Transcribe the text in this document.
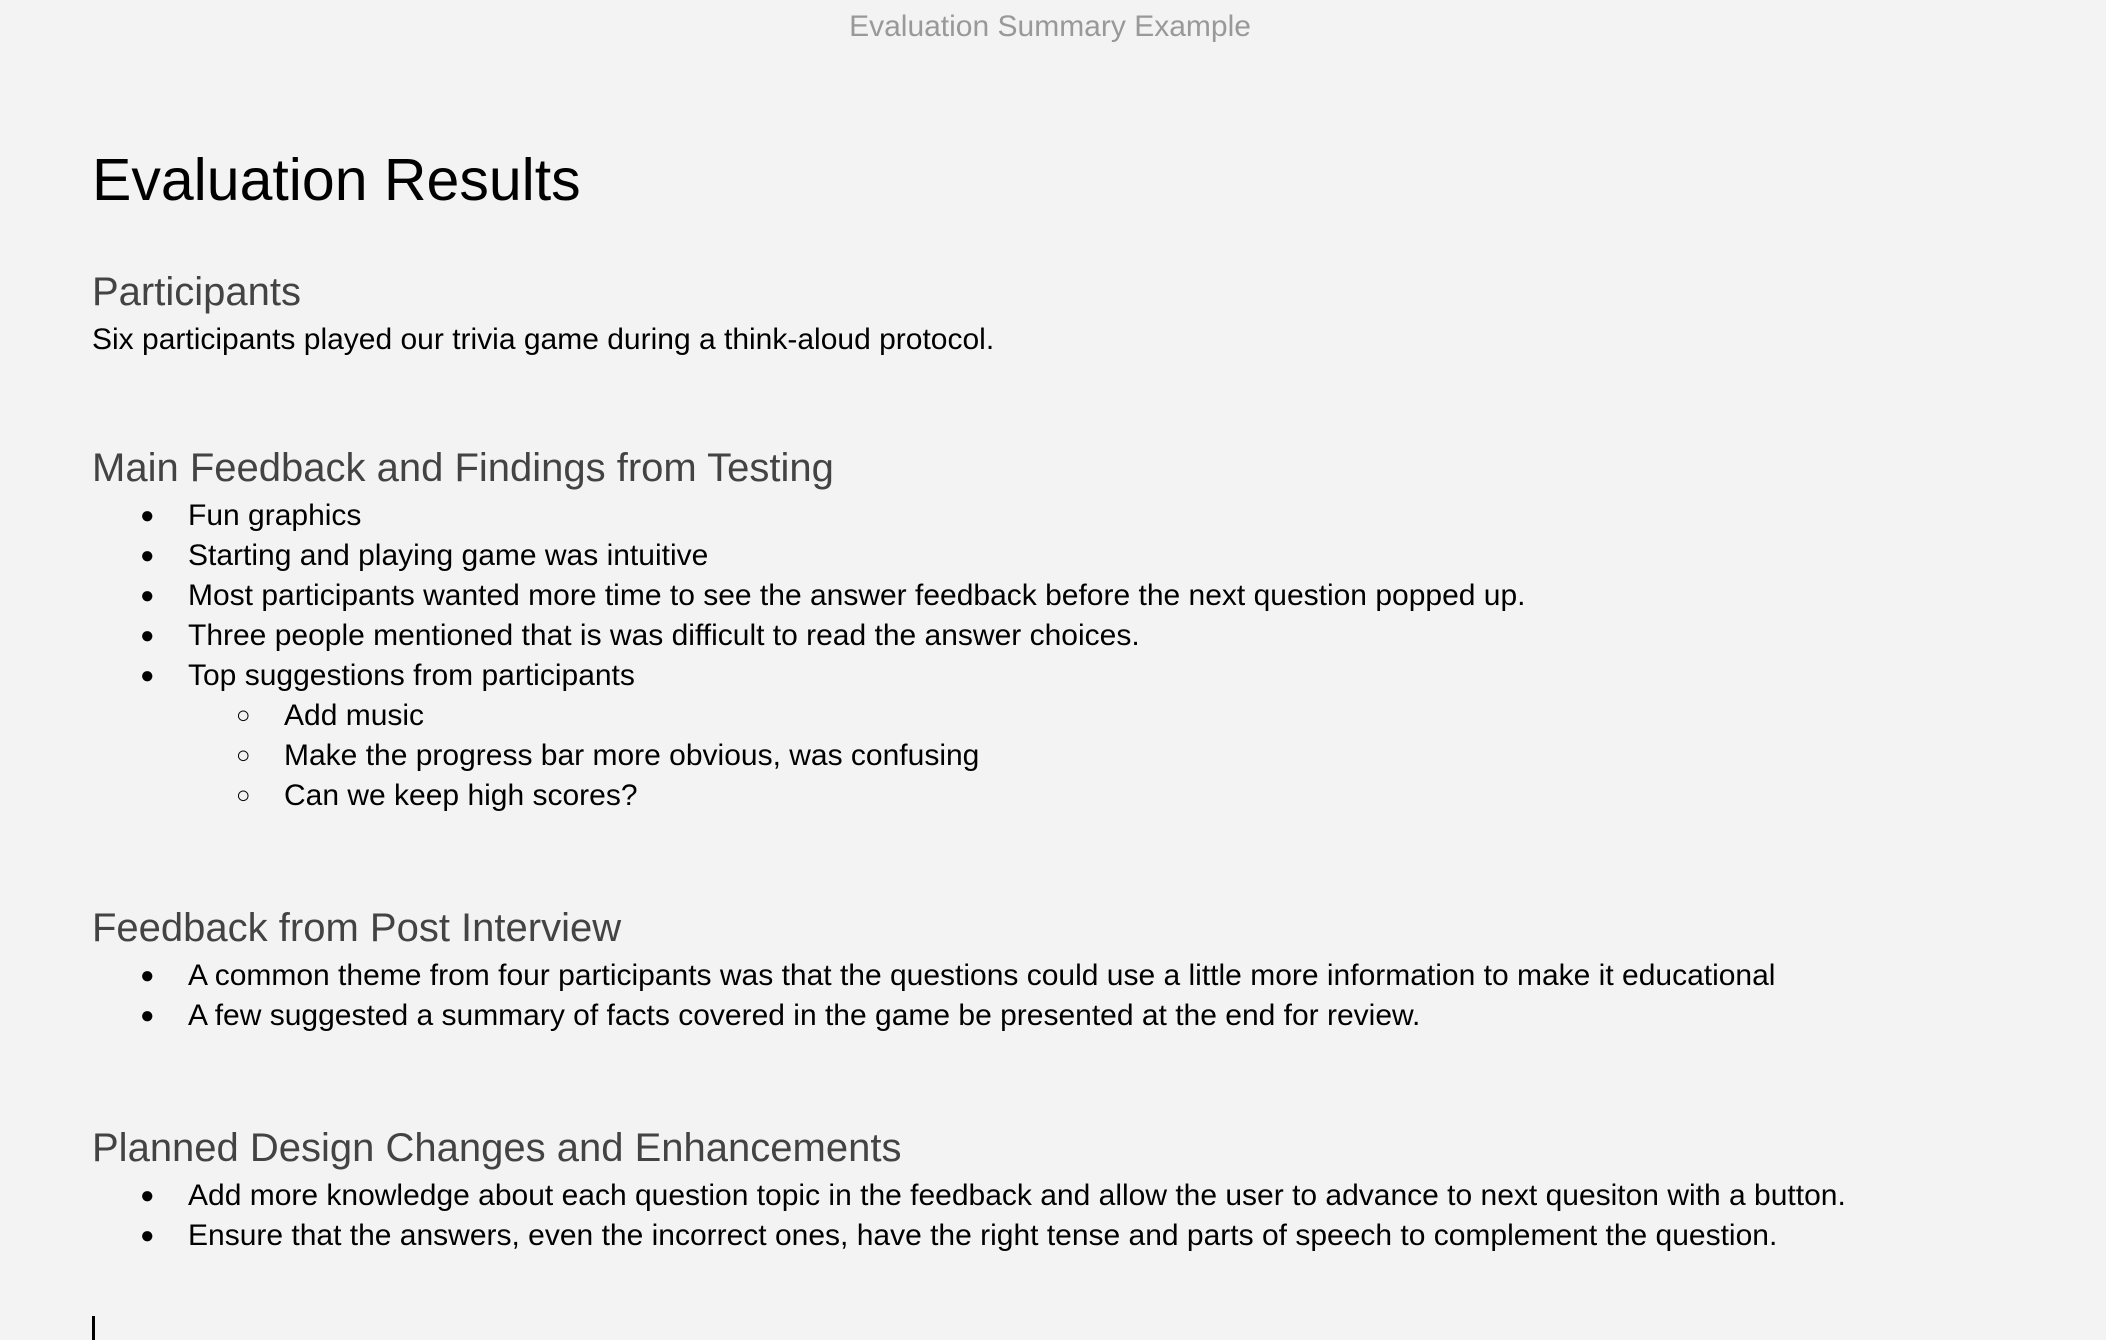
Evaluation Summary Example
Evaluation Results
Participants

Six participants played our trivia game during a think-aloud protocol.

Main Feedback and Findings from Testing
● Fun graphics
● Starting and playing game was intuitive
● Most participants wanted more time to see the answer feedback before the next question popped up.
● Three people mentioned that is was difficult to read the answer choices.
● Top suggestions from participants
○ Add music
○ Make the progress bar more obvious, was confusing
○ Can we keep high scores?
Feedback from Post Interview
● A common theme from four participants was that the questions could use a little more information to make it educational
● A few suggested a summary of facts covered in the game be presented at the end for review.
Planned Design Changes and Enhancements
● Add more knowledge about each question topic in the feedback and allow the user to advance to next quesiton with a button.
● Ensure that the answers, even the incorrect ones, have the right tense and parts of speech to complement the question.
